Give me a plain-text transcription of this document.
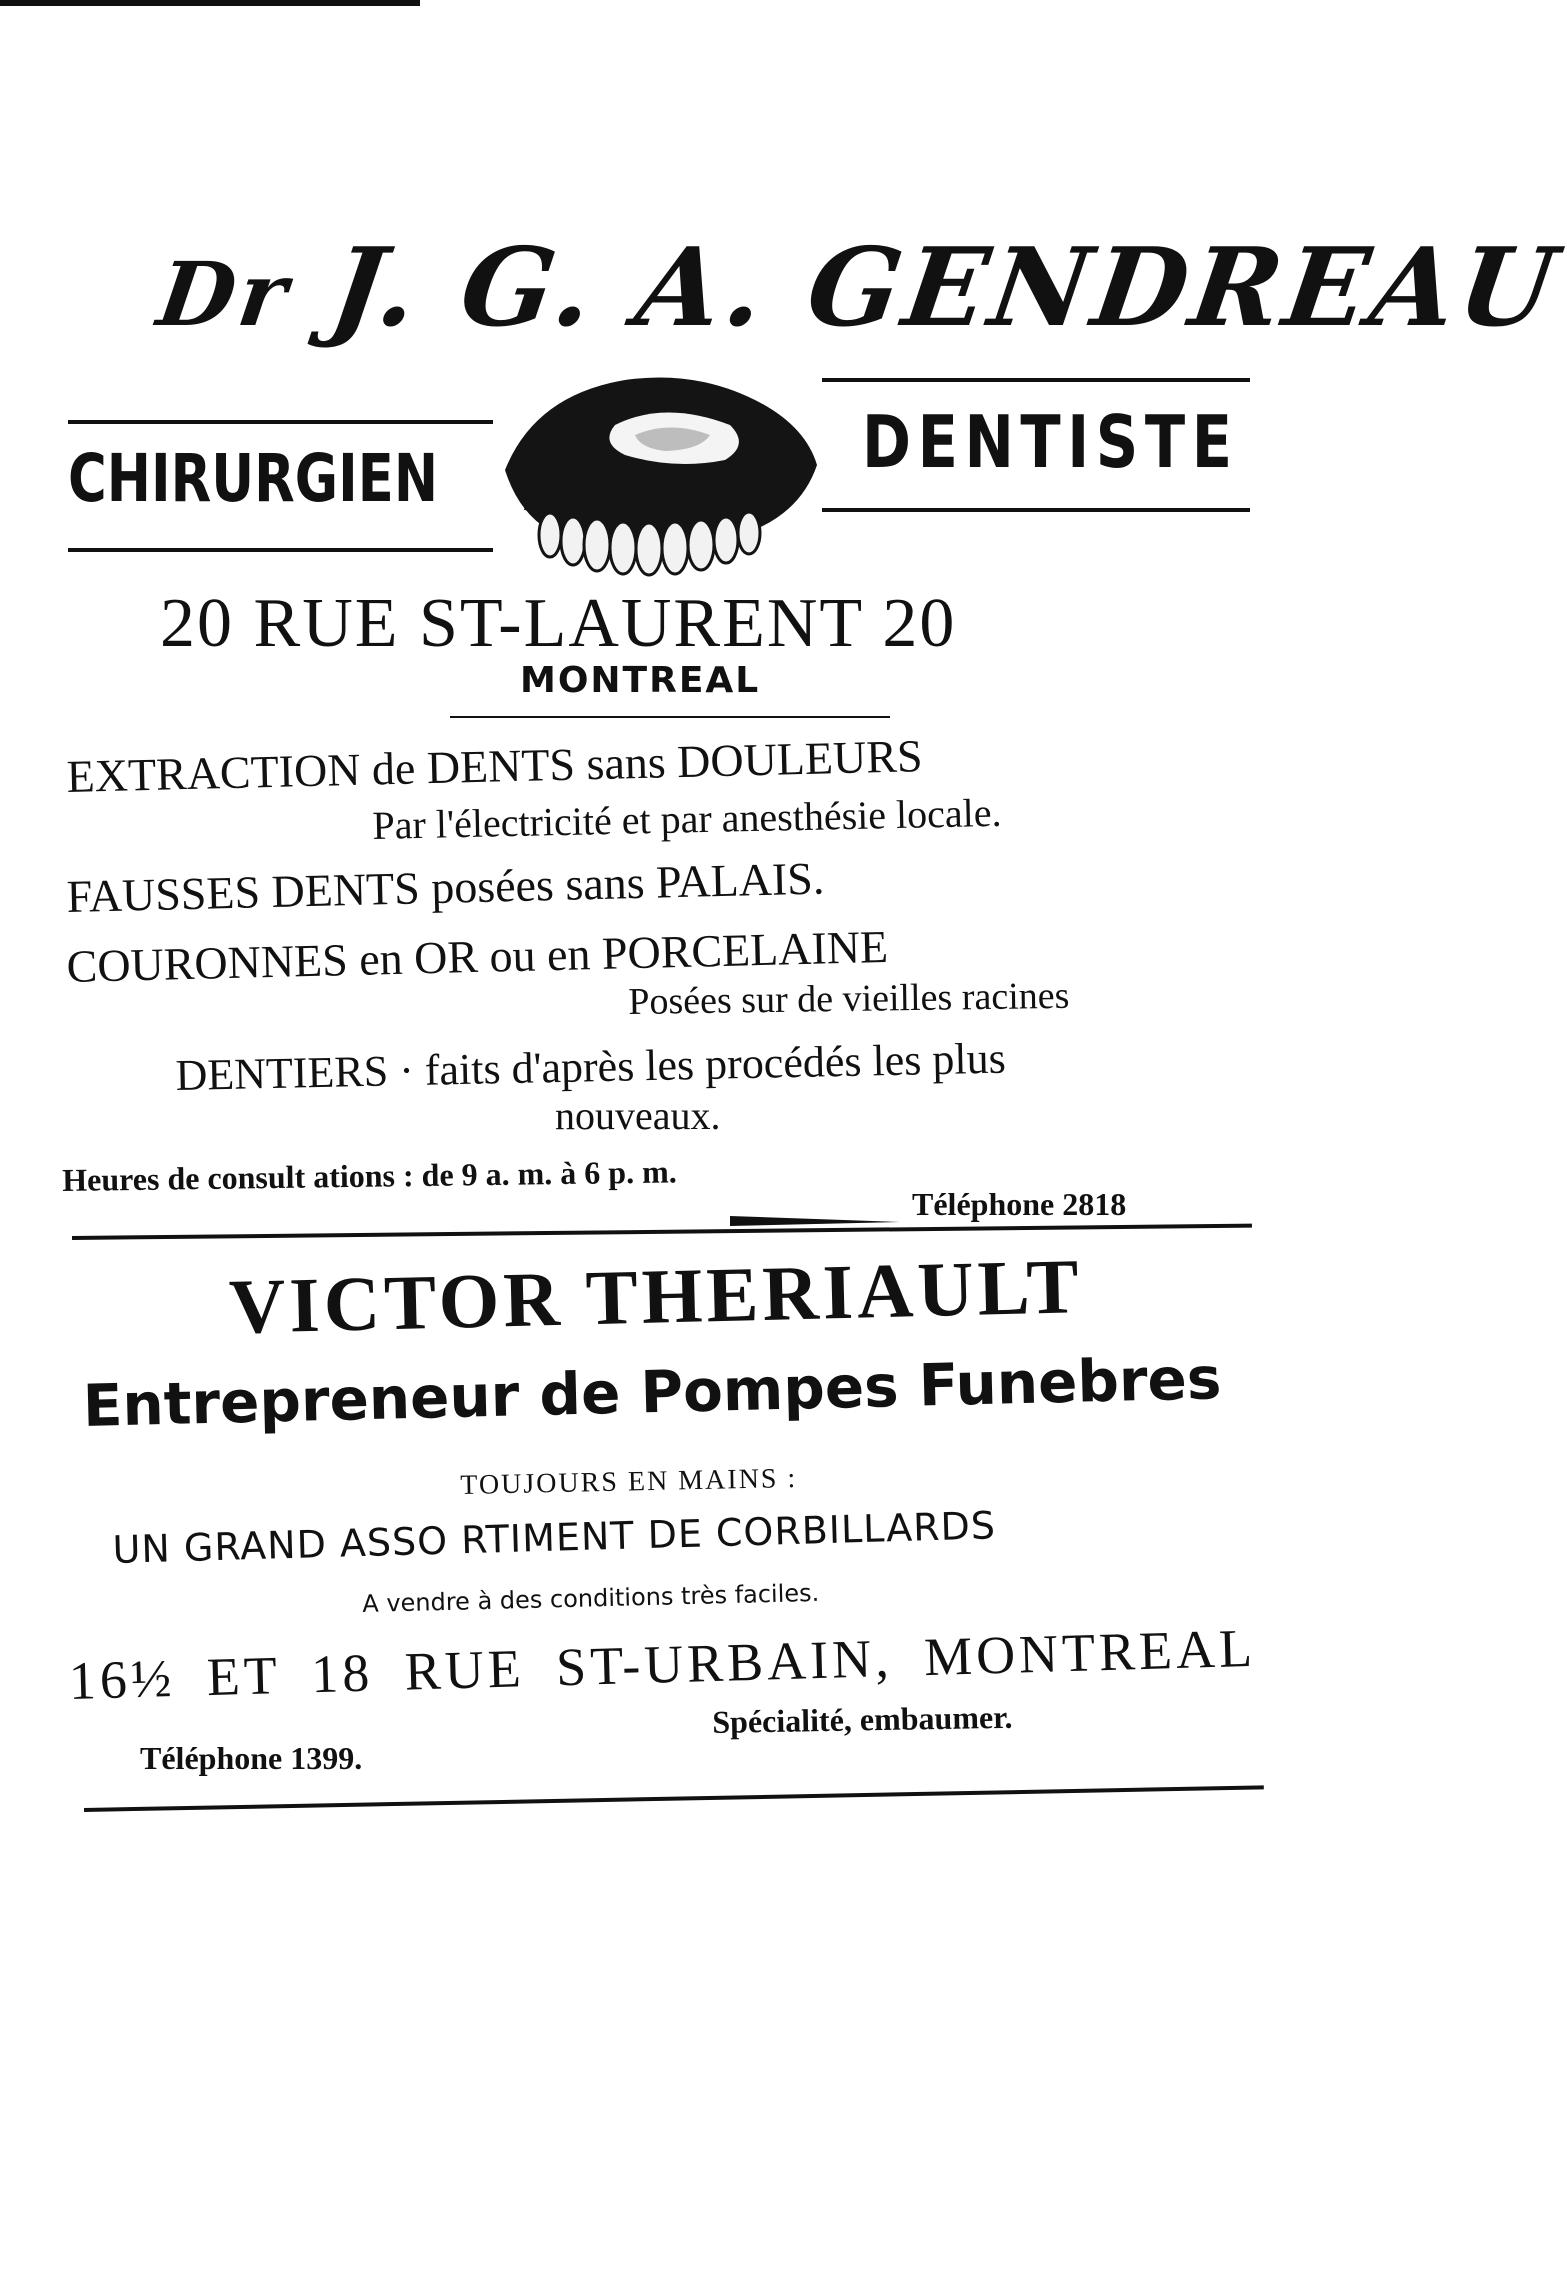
Dr J. G. A. GENDREAU
CHIRURGIEN	DENTISTE
20 RUE ST-LAURENT 20
MONTREAL
EXTRACTION de DENTS sans DOULEURS
Par l'électricité et par anesthésie locale.
FAUSSES DENTS posées sans PALAIS.
COURONNES en OR ou en PORCELAINE
Posées sur de vieilles racines
DENTIERS · faits d'après les procédés les plus
nouveaux.
Heures de consult ations : de 9 a. m. à 6 p. m.
Téléphone 2818
VICTOR THERIAULT
Entrepreneur de Pompes Funebres
TOUJOURS EN MAINS :
UN GRAND ASSO RTIMENT DE CORBILLARDS
A vendre à des conditions très faciles.
16½ ET 18 RUE ST-URBAIN, MONTREAL
Téléphone 1399.
Spécialité, embaumer.
